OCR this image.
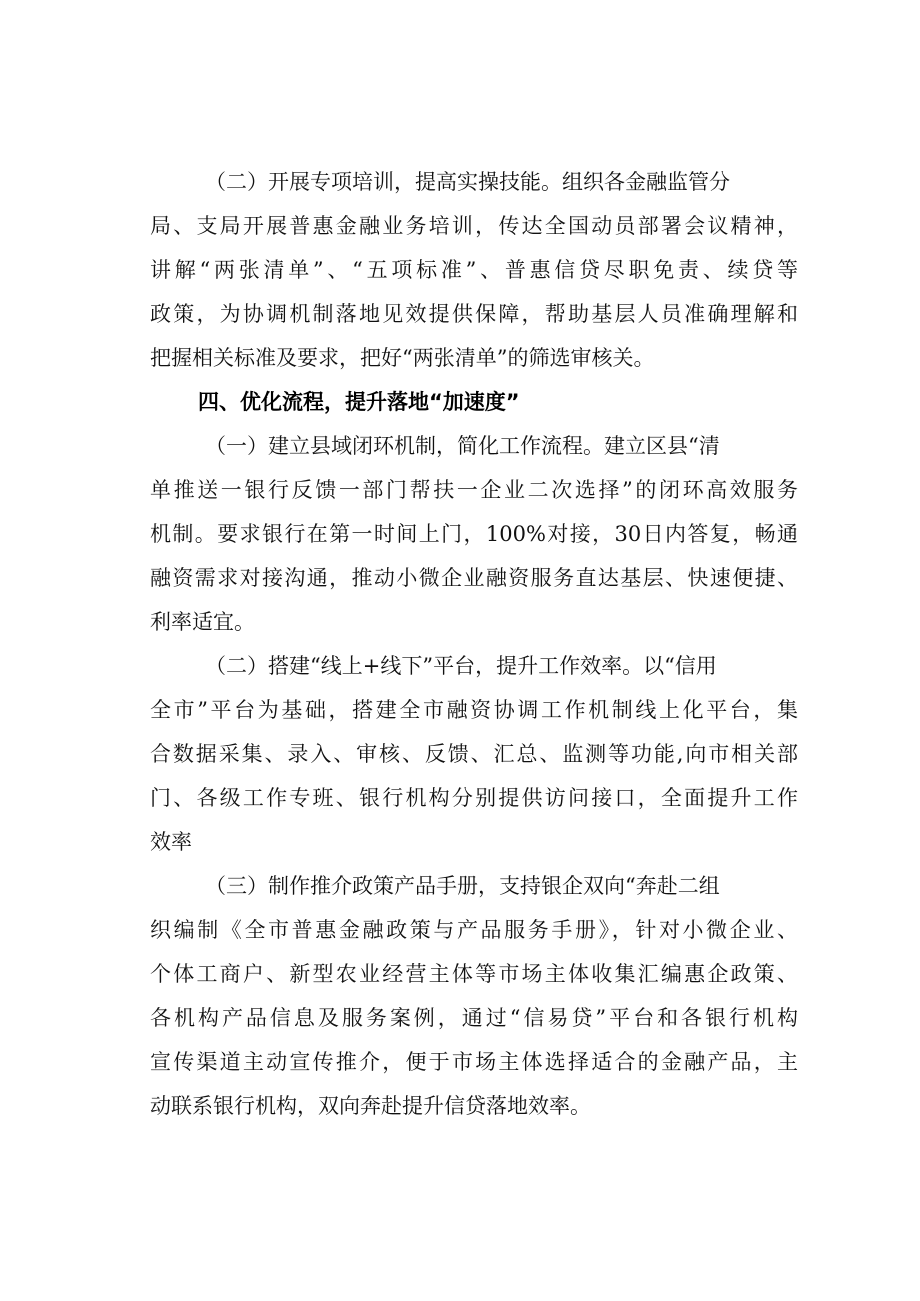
（二）开展专项培训，提高实操技能。组织各金融监管分
局、支局开展普惠金融业务培训，传达全国动员部署会议精神，
讲解“两张清单”、“五项标准”、普惠信贷尽职免责、续贷等
政策，为协调机制落地见效提供保障，帮助基层人员准确理解和
把握相关标准及要求，把好“两张清单”的筛选审核关。
四、优化流程，提升落地“加速度”
（一）建立县域闭环机制，简化工作流程。建立区县“清
单推送一银行反馈一部门帮扶一企业二次选择”的闭环高效服务
机制。要求银行在第一时间上门，100%对接，30日内答复，畅通
融资需求对接沟通，推动小微企业融资服务直达基层、快速便捷、
利率适宜。
（二）搭建“线上+线下”平台，提升工作效率。以“信用
全市”平台为基础，搭建全市融资协调工作机制线上化平台，集
合数据采集、录入、审核、反馈、汇总、监测等功能,向市相关部
门、各级工作专班、银行机构分别提供访问接口，全面提升工作
效率
（三）制作推介政策产品手册，支持银企双向“奔赴二组
织编制《全市普惠金融政策与产品服务手册》，针对小微企业、
个体工商户、新型农业经营主体等市场主体收集汇编惠企政策、
各机构产品信息及服务案例，通过“信易贷”平台和各银行机构
宣传渠道主动宣传推介，便于市场主体选择适合的金融产品，主
动联系银行机构，双向奔赴提升信贷落地效率。
